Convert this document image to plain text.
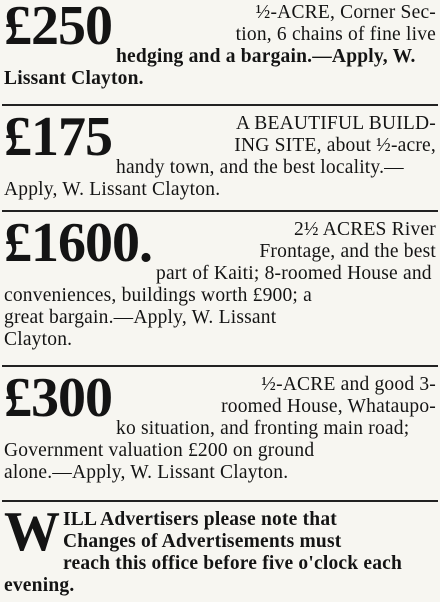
£250	½-ACRE, Corner Sec-
tion, 6 chains of fine live
hedging and a bargain.—Apply, W.
Lissant Clayton.
£175	A BEAUTIFUL BUILD-
ING SITE, about ½-acre,
handy town, and the best locality.—
Apply, W. Lissant Clayton.
£1600.	2½ ACRES River
Frontage, and the best
part of Kaiti; 8-roomed House and
conveniences, buildings worth £900; a
great bargain.—Apply, W. Lissant
Clayton.
£300	½-ACRE and good 3-
roomed House, Whataupo-
ko situation, and fronting main road;
Government valuation £200 on ground
alone.—Apply, W. Lissant Clayton.
W ILL Advertisers please note that
Changes of Advertisements must
reach this office before five o'clock each
evening.
